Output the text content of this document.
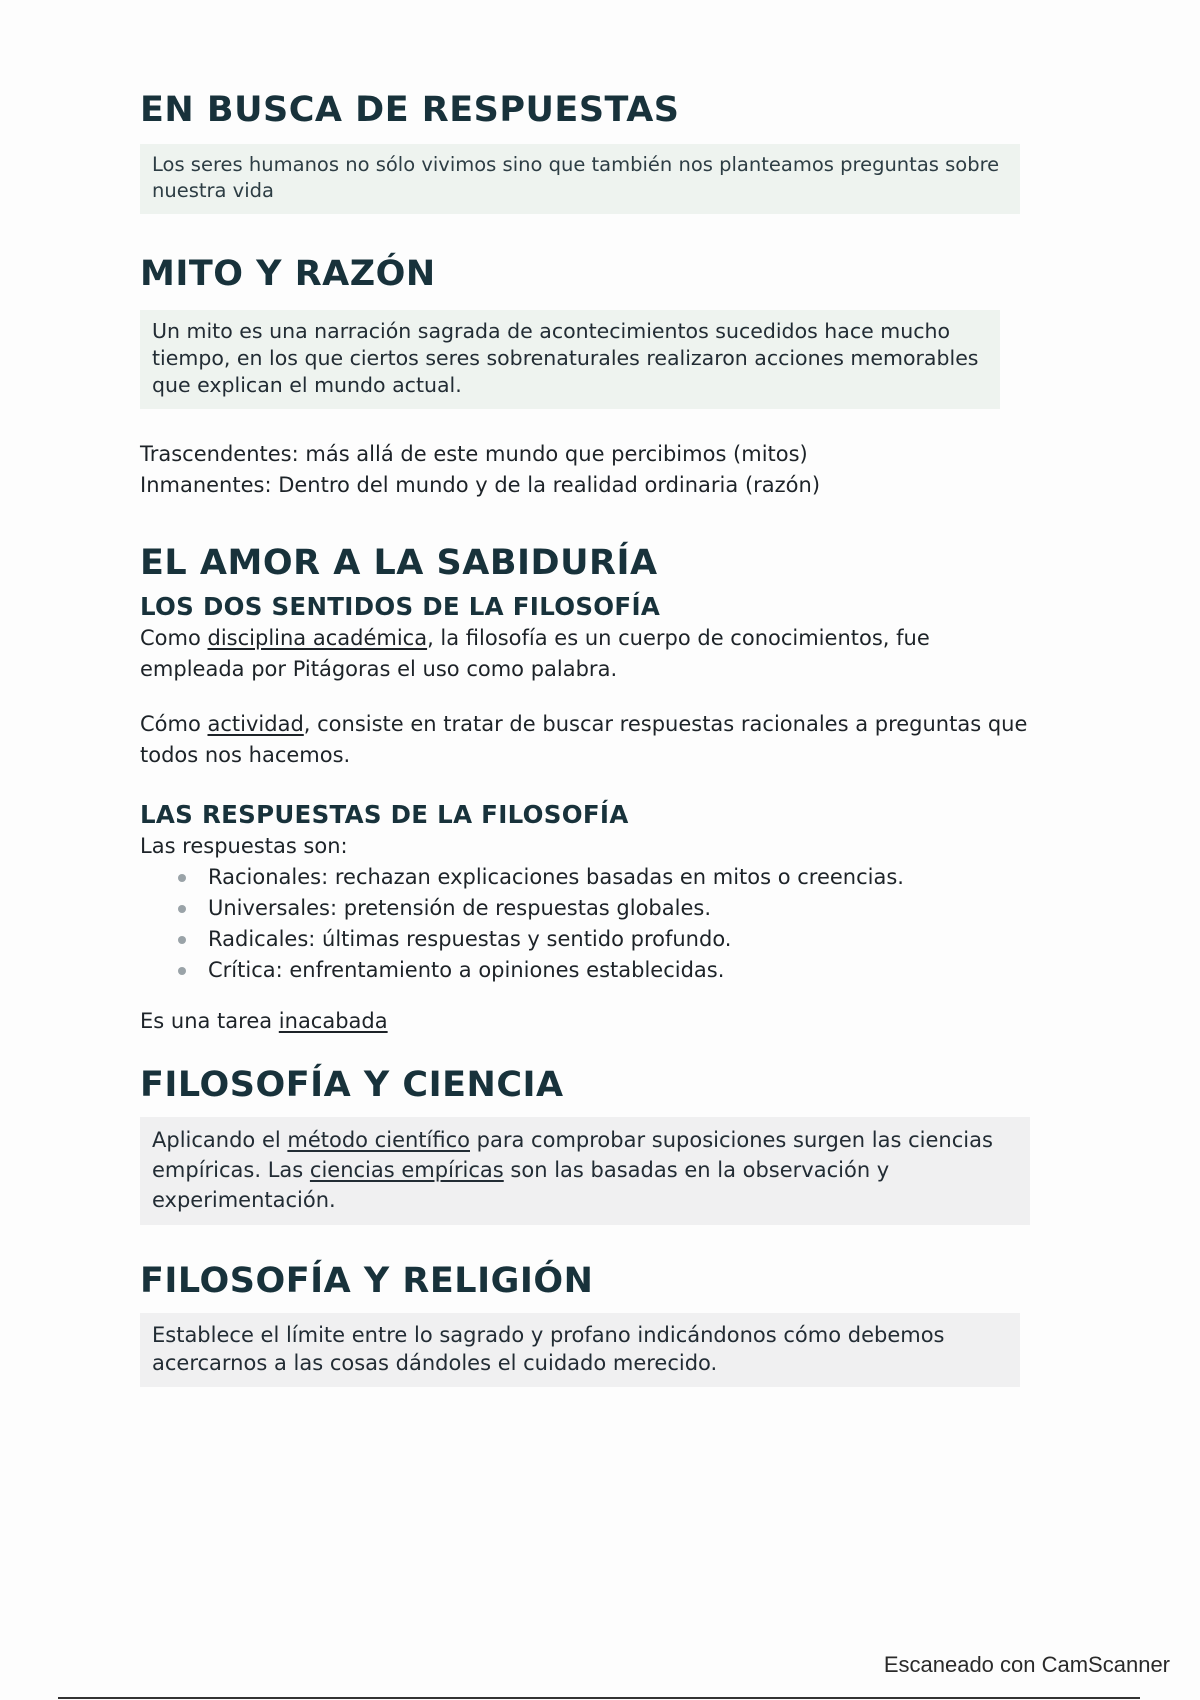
EN BUSCA DE RESPUESTAS
Los seres humanos no sólo vivimos sino que también nos planteamos preguntas sobre nuestra vida
MITO Y RAZÓN
Un mito es una narración sagrada de acontecimientos sucedidos hace mucho tiempo, en los que ciertos seres sobrenaturales realizaron acciones memorables que explican el mundo actual.

Trascendentes: más allá de este mundo que percibimos (mitos)

Inmanentes: Dentro del mundo y de la realidad ordinaria (razón)

EL AMOR A LA SABIDURÍA
LOS DOS SENTIDOS DE LA FILOSOFÍA

Como disciplina académica, la filosofía es un cuerpo de conocimientos, fue empleada por Pitágoras el uso como palabra.

Cómo actividad, consiste en tratar de buscar respuestas racionales a preguntas que todos nos hacemos.

LAS RESPUESTAS DE LA FILOSOFÍA

Las respuestas son:

Racionales: rechazan explicaciones basadas en mitos o creencias.
Universales: pretensión de respuestas globales.
Radicales: últimas respuestas y sentido profundo.
Crítica: enfrentamiento a opiniones establecidas.

Es una tarea inacabada

FILOSOFÍA Y CIENCIA
Aplicando el método científico para comprobar suposiciones surgen las ciencias empíricas. Las ciencias empíricas son las basadas en la observación y experimentación.
FILOSOFÍA Y RELIGIÓN
Establece el límite entre lo sagrado y profano indicándonos cómo debemos acercarnos a las cosas dándoles el cuidado merecido.
Escaneado con CamScanner
